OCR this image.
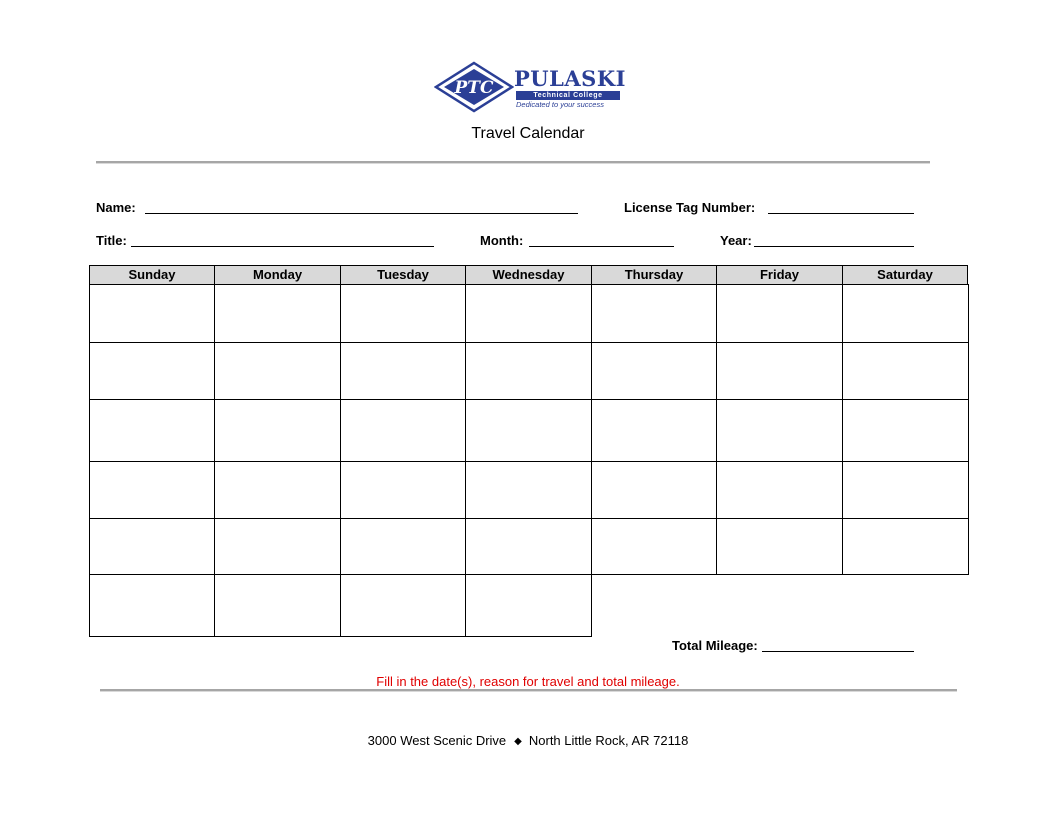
PTC PULASKI
Technical College
Dedicated to your success
Travel Calendar
Name:	License Tag Number:
Title:	Month:	Year:
Sunday	Monday	Tuesday	Wednesday	Thursday	Friday	Saturday
Total Mileage:
Fill in the date(s), reason for travel and total mileage.
3000 West Scenic Drive ◆ North Little Rock, AR 72118
